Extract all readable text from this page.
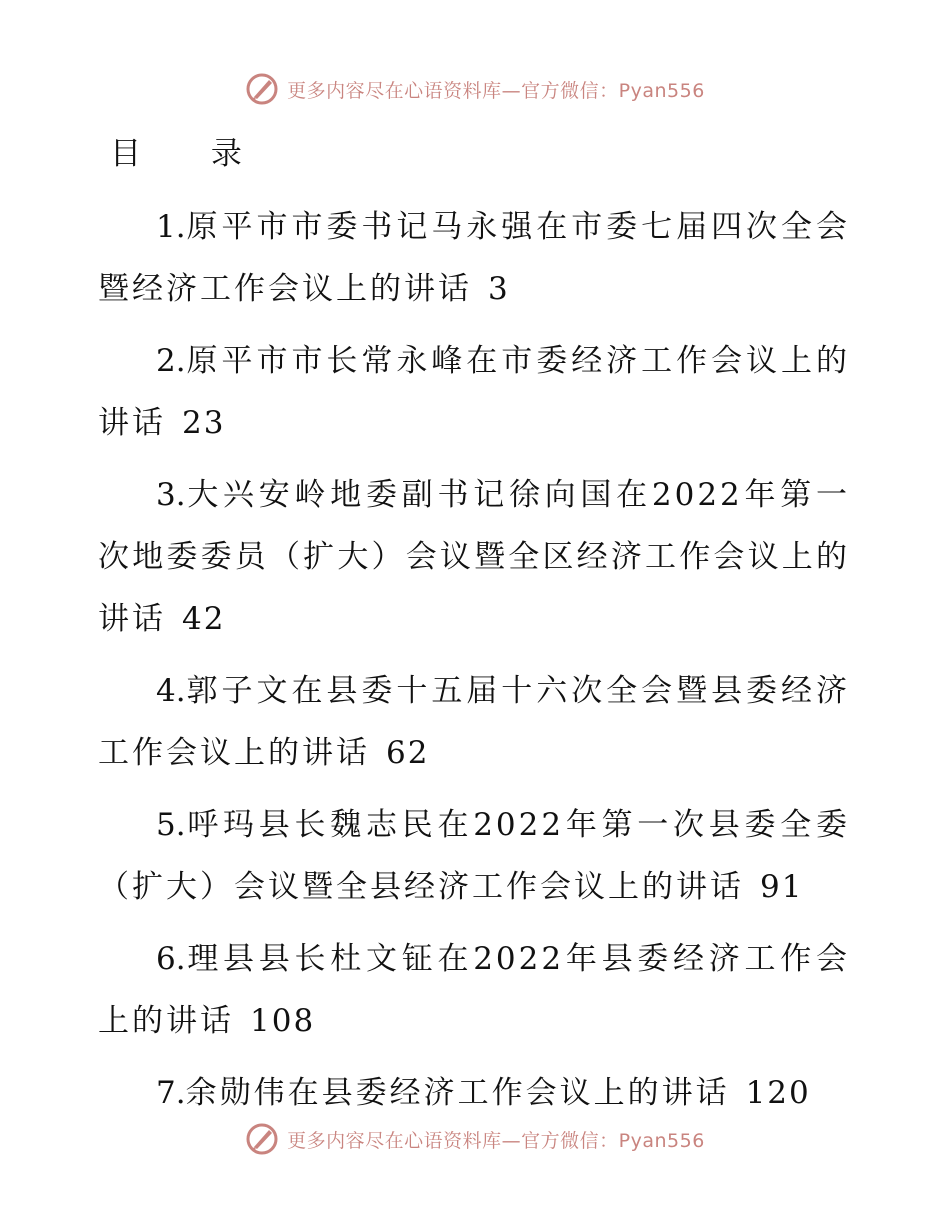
更多内容尽在心语资料库—官方微信：Pyan556
目 录
1.原平市市委书记马永强在市委七届四次全会暨经济工作会议上的讲话 3
2.原平市市长常永峰在市委经济工作会议上的讲话 23
3.大兴安岭地委副书记徐向国在2022年第一次地委委员（扩大）会议暨全区经济工作会议上的讲话 42
4.郭子文在县委十五届十六次全会暨县委经济工作会议上的讲话 62
5.呼玛县长魏志民在2022年第一次县委全委（扩大）会议暨全县经济工作会议上的讲话 91
6.理县县长杜文钲在2022年县委经济工作会上的讲话 108
7.余勋伟在县委经济工作会议上的讲话 120
更多内容尽在心语资料库—官方微信：Pyan556
